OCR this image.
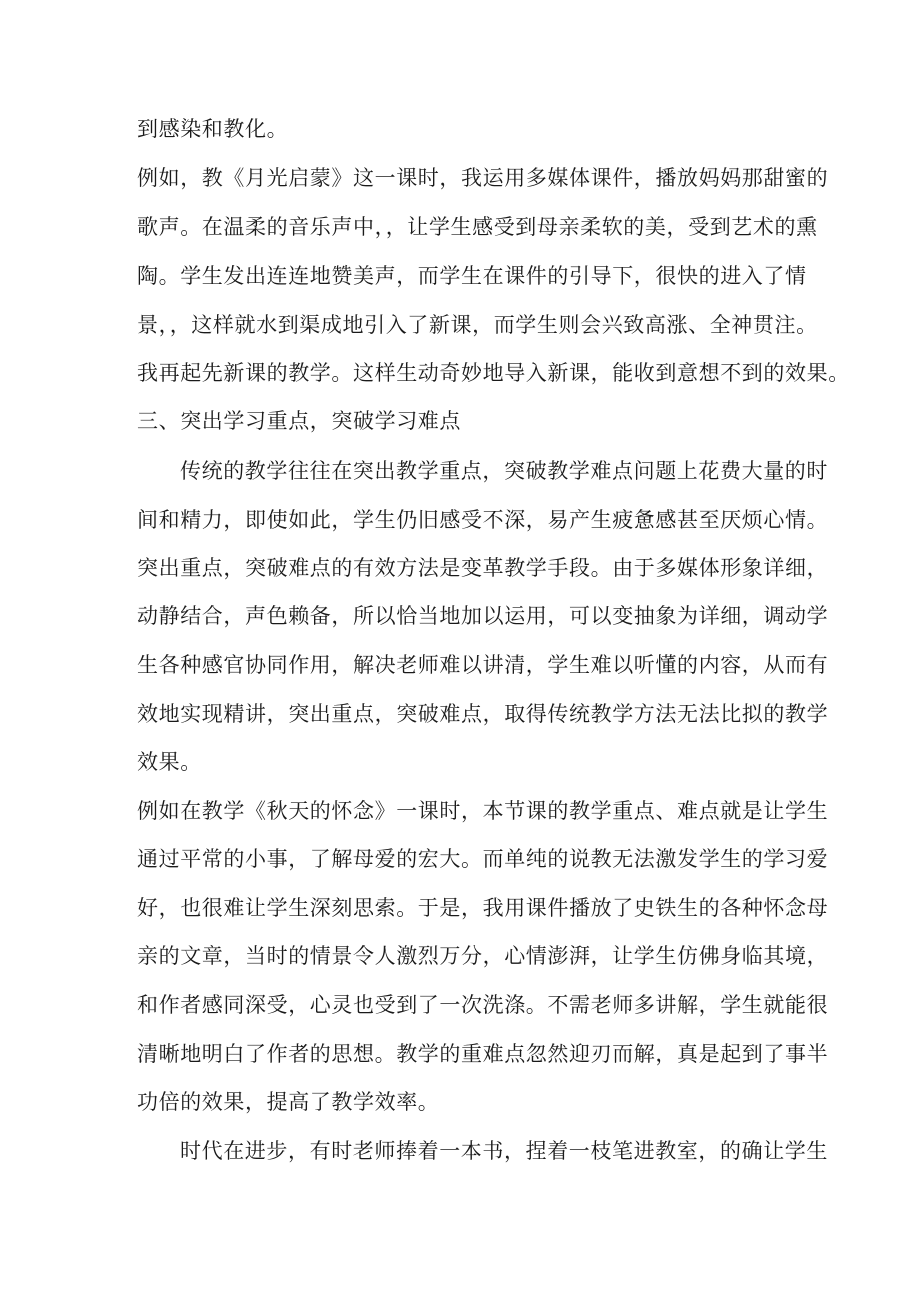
到感染和教化。
例如，教《月光启蒙》这一课时，我运用多媒体课件，播放妈妈那甜蜜的
歌声。在温柔的音乐声中，，让学生感受到母亲柔软的美，受到艺术的熏
陶。学生发出连连地赞美声，而学生在课件的引导下，很快的进入了情
景，，这样就水到渠成地引入了新课，而学生则会兴致高涨、全神贯注。
我再起先新课的教学。这样生动奇妙地导入新课，能收到意想不到的效果。
三、突出学习重点，突破学习难点
传统的教学往往在突出教学重点，突破教学难点问题上花费大量的时
间和精力，即使如此，学生仍旧感受不深，易产生疲惫感甚至厌烦心情。
突出重点，突破难点的有效方法是变革教学手段。由于多媒体形象详细，
动静结合，声色赖备，所以恰当地加以运用，可以变抽象为详细，调动学
生各种感官协同作用，解决老师难以讲清，学生难以听懂的内容，从而有
效地实现精讲，突出重点，突破难点，取得传统教学方法无法比拟的教学
效果。
例如在教学《秋天的怀念》一课时，本节课的教学重点、难点就是让学生
通过平常的小事，了解母爱的宏大。而单纯的说教无法激发学生的学习爱
好，也很难让学生深刻思索。于是，我用课件播放了史铁生的各种怀念母
亲的文章，当时的情景令人激烈万分，心情澎湃，让学生仿佛身临其境，
和作者感同深受，心灵也受到了一次洗涤。不需老师多讲解，学生就能很
清晰地明白了作者的思想。教学的重难点忽然迎刃而解，真是起到了事半
功倍的效果，提高了教学效率。
时代在进步，有时老师捧着一本书，捏着一枝笔进教室，的确让学生
